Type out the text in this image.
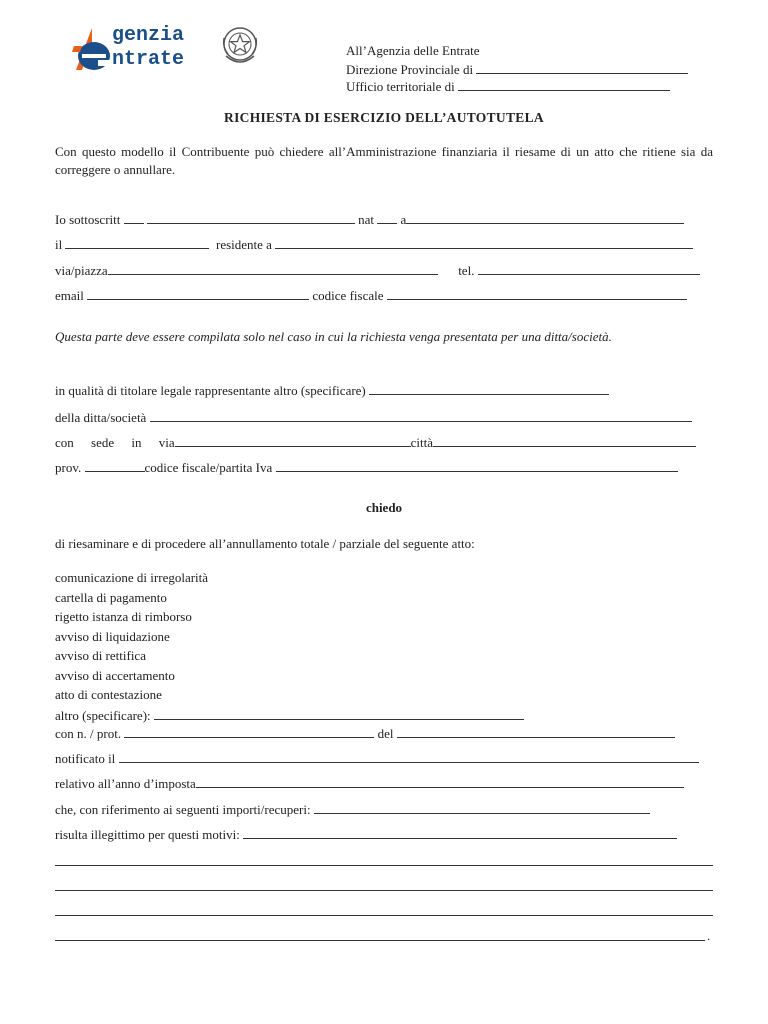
genzia
ntrate	All’Agenzia delle Entrate
Direzione Provinciale di
Ufficio territoriale di
RICHIESTA DI ESERCIZIO DELL’AUTOTUTELA
Con questo modello il Contribuente può chiedere all’Amministrazione finanziaria il riesame di un atto che ritiene sia da correggere o annullare.
Io sottoscritt	nat a
il	residente a
via/piazza	tel.
email	codice fiscale
Questa parte deve essere compilata solo nel caso in cui la richiesta venga presentata per una ditta/società.
in qualità di titolare legale rappresentante altro (specificare)
della ditta/società
con sede in via	città
prov.	codice fiscale/partita Iva
chiedo
di riesaminare e di procedere all’annullamento totale / parziale del seguente atto:
comunicazione di irregolarità
cartella di pagamento
rigetto istanza di rimborso
avviso di liquidazione
avviso di rettifica
avviso di accertamento
atto di contestazione
altro (specificare):
con n. / prot.	del
notificato il
relativo all’anno d’imposta
che, con riferimento ai seguenti importi/recuperi:
risulta illegittimo per questi motivi:
.
